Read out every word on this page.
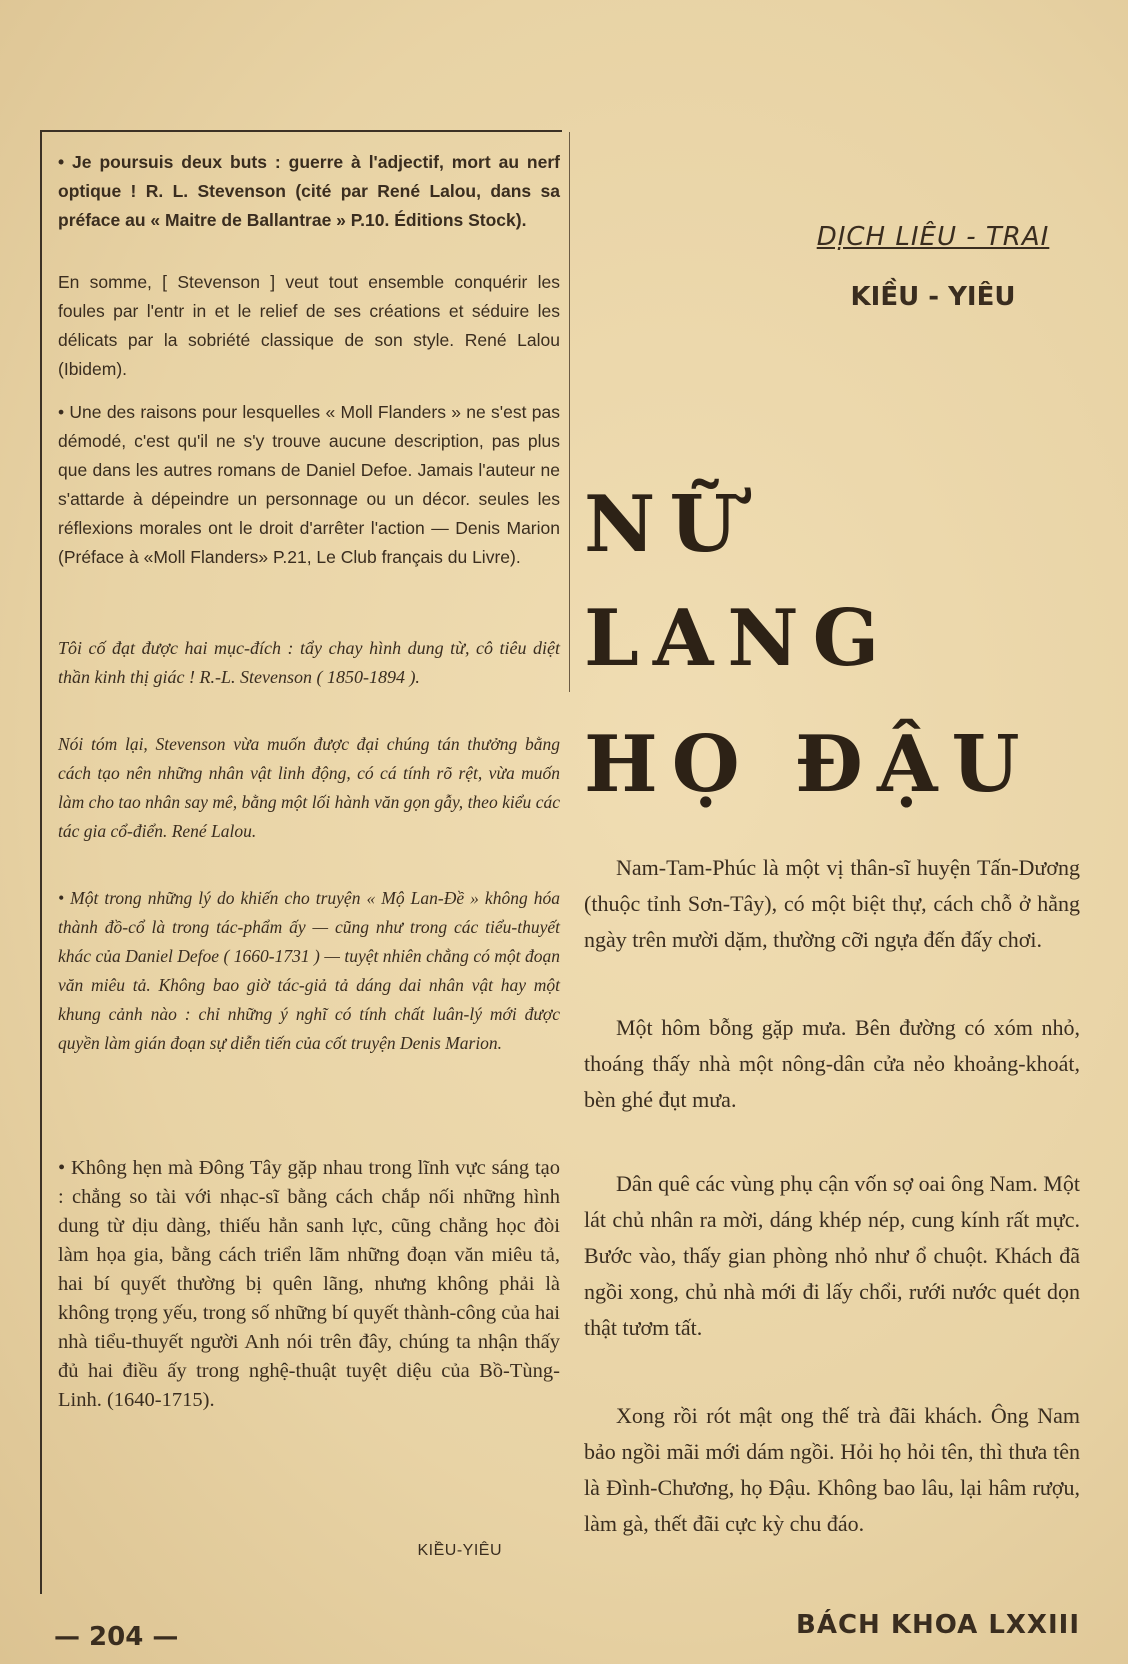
• Je poursuis deux buts : guerre à l'adjectif, mort au nerf optique ! R. L. Stevenson (cité par René Lalou, dans sa préface au « Maitre de Ballantrae » P.10. Éditions Stock).

En somme, [ Stevenson ] veut tout ensemble conquérir les foules par l'entr in et le relief de ses créations et séduire les délicats par la sobriété classique de son style. René Lalou (Ibidem).

• Une des raisons pour lesquelles « Moll Flanders » ne s'est pas démodé, c'est qu'il ne s'y trouve aucune description, pas plus que dans les autres romans de Daniel Defoe. Jamais l'auteur ne s'attarde à dépeindre un personnage ou un décor. seules les réflexions morales ont le droit d'arrêter l'action — Denis Marion (Préface à «Moll Flanders» P.21, Le Club français du Livre).

Tôi cố đạt được hai mục-đích : tẩy chay hình dung từ, cô tiêu diệt thần kinh thị giác ! R.-L. Stevenson ( 1850-1894 ).

Nói tóm lại, Stevenson vừa muốn được đại chúng tán thưởng bằng cách tạo nên những nhân vật linh động, có cá tính rõ rệt, vừa muốn làm cho tao nhân say mê, bằng một lối hành văn gọn gẫy, theo kiểu các tác gia cổ-điển. René Lalou.

• Một trong những lý do khiến cho truyện « Mộ Lan-Đề » không hóa thành đồ-cổ là trong tác-phẩm ấy — cũng như trong các tiểu-thuyết khác của Daniel Defoe ( 1660-1731 ) — tuyệt nhiên chẳng có một đoạn văn miêu tả. Không bao giờ tác-giả tả dáng dai nhân vật hay một khung cảnh nào : chỉ những ý nghĩ có tính chất luân-lý mới được quyền làm gián đoạn sự diễn tiến của cốt truyện Denis Marion.

• Không hẹn mà Đông Tây gặp nhau trong lĩnh vực sáng tạo : chẳng so tài với nhạc-sĩ bằng cách chắp nối những hình dung từ dịu dàng, thiếu hẳn sanh lực, cũng chẳng học đòi làm họa gia, bằng cách triển lãm những đoạn văn miêu tả, hai bí quyết thường bị quên lãng, nhưng không phải là không trọng yếu, trong số những bí quyết thành-công của hai nhà tiểu-thuyết người Anh nói trên đây, chúng ta nhận thấy đủ hai điều ấy trong nghệ-thuật tuyệt diệu của Bồ-Tùng-Linh. (1640-1715).

KIỀU-YIÊU

DỊCH LIÊU - TRAI

KIỀU - YIÊU

NỮ
LANG
HỌ ĐẬU

Nam-Tam-Phúc là một vị thân-sĩ huyện Tấn-Dương (thuộc tỉnh Sơn-Tây), có một biệt thự, cách chỗ ở hằng ngày trên mười dặm, thường cỡi ngựa đến đấy chơi.

Một hôm bỗng gặp mưa. Bên đường có xóm nhỏ, thoáng thấy nhà một nông-dân cửa nẻo khoảng-khoát, bèn ghé đụt mưa.

Dân quê các vùng phụ cận vốn sợ oai ông Nam. Một lát chủ nhân ra mời, dáng khép nép, cung kính rất mực. Bước vào, thấy gian phòng nhỏ như ổ chuột. Khách đã ngồi xong, chủ nhà mới đi lấy chổi, rưới nước quét dọn thật tươm tất.

Xong rồi rót mật ong thế trà đãi khách. Ông Nam bảo ngồi mãi mới dám ngồi. Hỏi họ hỏi tên, thì thưa tên là Đình-Chương, họ Đậu. Không bao lâu, lại hâm rượu, làm gà, thết đãi cực kỳ chu đáo.

— 204 —	BÁCH KHOA LXXIII
